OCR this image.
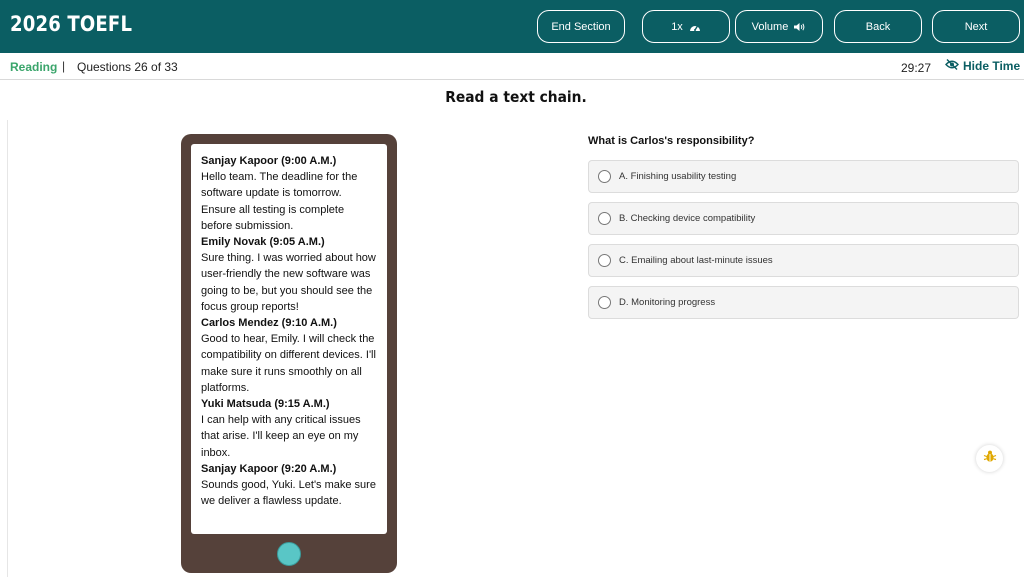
2026 TOEFL	End Section	1x	Volume	Back	Next
Reading | Questions 26 of 33	29:27	Hide Time
Read a text chain.
Sanjay Kapoor (9:00 A.M.)
Hello team. The deadline for the software update is tomorrow. Ensure all testing is complete before submission.
Emily Novak (9:05 A.M.)
Sure thing. I was worried about how user-friendly the new software was going to be, but you should see the focus group reports!
Carlos Mendez (9:10 A.M.)
Good to hear, Emily. I will check the compatibility on different devices. I'll make sure it runs smoothly on all platforms.
Yuki Matsuda (9:15 A.M.)
I can help with any critical issues that arise. I'll keep an eye on my inbox.
Sanjay Kapoor (9:20 A.M.)
Sounds good, Yuki. Let's make sure we deliver a flawless update.
What is Carlos's responsibility?
A. Finishing usability testing
B. Checking device compatibility
C. Emailing about last-minute issues
D. Monitoring progress
